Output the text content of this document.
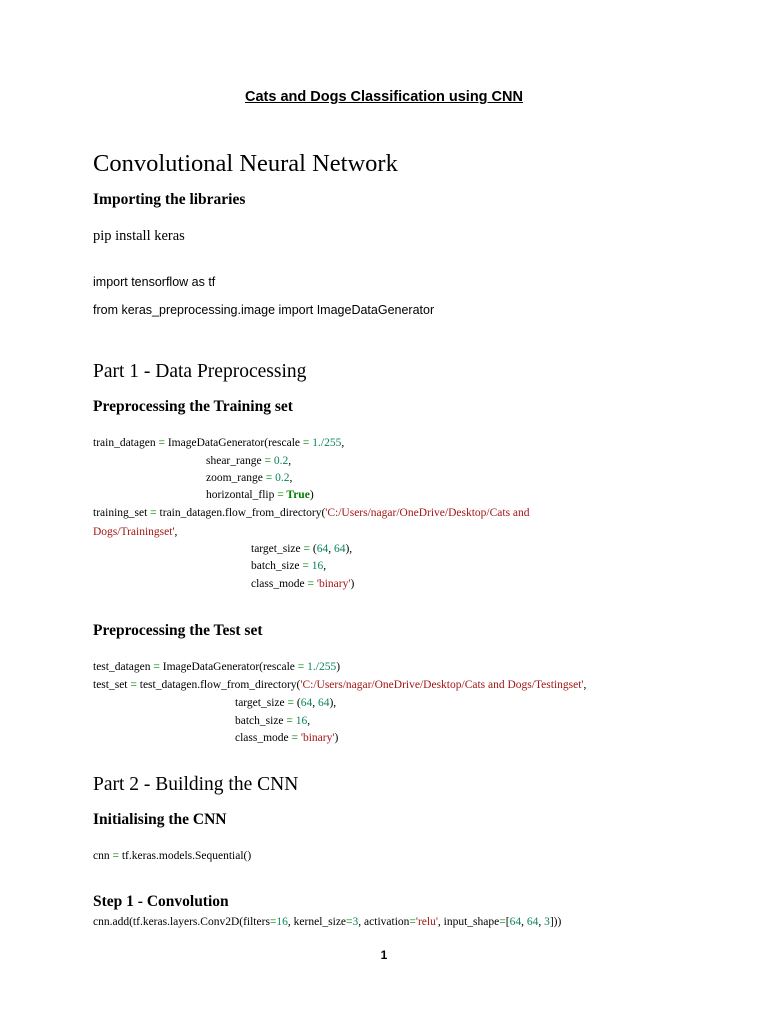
Cats and Dogs Classification using CNN
Convolutional Neural Network
Importing the libraries
pip install keras
import tensorflow as tf
from keras_preprocessing.image import ImageDataGenerator
Part 1 - Data Preprocessing
Preprocessing the Training set
train_datagen = ImageDataGenerator(rescale = 1./255,
shear_range = 0.2,
zoom_range = 0.2,
horizontal_flip = True)
training_set = train_datagen.flow_from_directory('C:/Users/nagar/OneDrive/Desktop/Cats and
Dogs/Trainingset',
target_size = (64, 64),
batch_size = 16,
class_mode = 'binary')
Preprocessing the Test set
test_datagen = ImageDataGenerator(rescale = 1./255)
test_set = test_datagen.flow_from_directory('C:/Users/nagar/OneDrive/Desktop/Cats and Dogs/Testingset',
target_size = (64, 64),
batch_size = 16,
class_mode = 'binary')
Part 2 - Building the CNN
Initialising the CNN
cnn = tf.keras.models.Sequential()
Step 1 - Convolution
cnn.add(tf.keras.layers.Conv2D(filters=16, kernel_size=3, activation='relu', input_shape=[64, 64, 3]))
1
